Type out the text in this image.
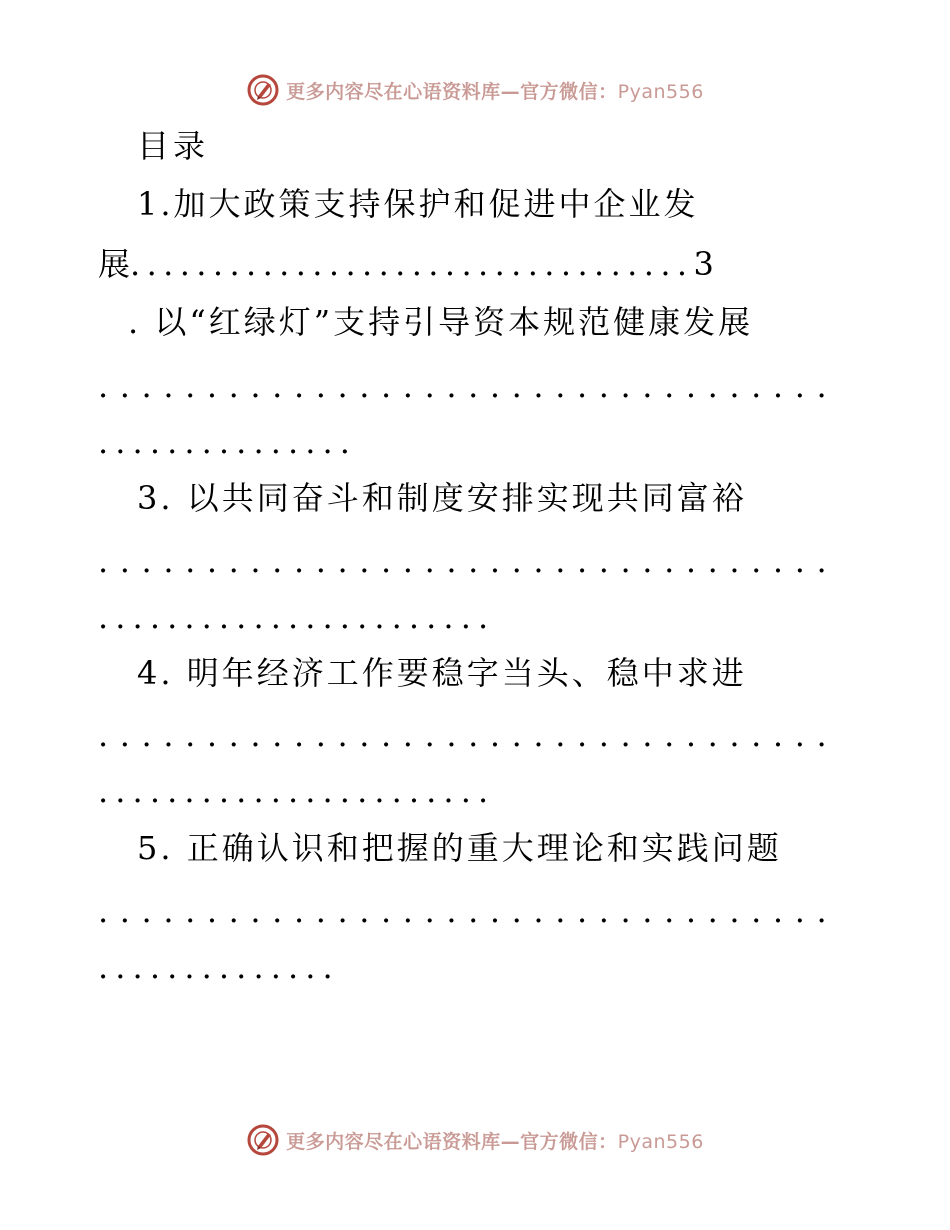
更多内容尽在心语资料库—官方微信：Pyan556
目录
1.加大政策支持保护和促进中企业发
展..................................3
. 以“红绿灯”支持引导资本规范健康发展
..................................
...............
3. 以共同奋斗和制度安排实现共同富裕
..................................
.......................
4. 明年经济工作要稳字当头、稳中求进
..................................
.......................
5. 正确认识和把握的重大理论和实践问题
..................................
..............
更多内容尽在心语资料库—官方微信：Pyan556
